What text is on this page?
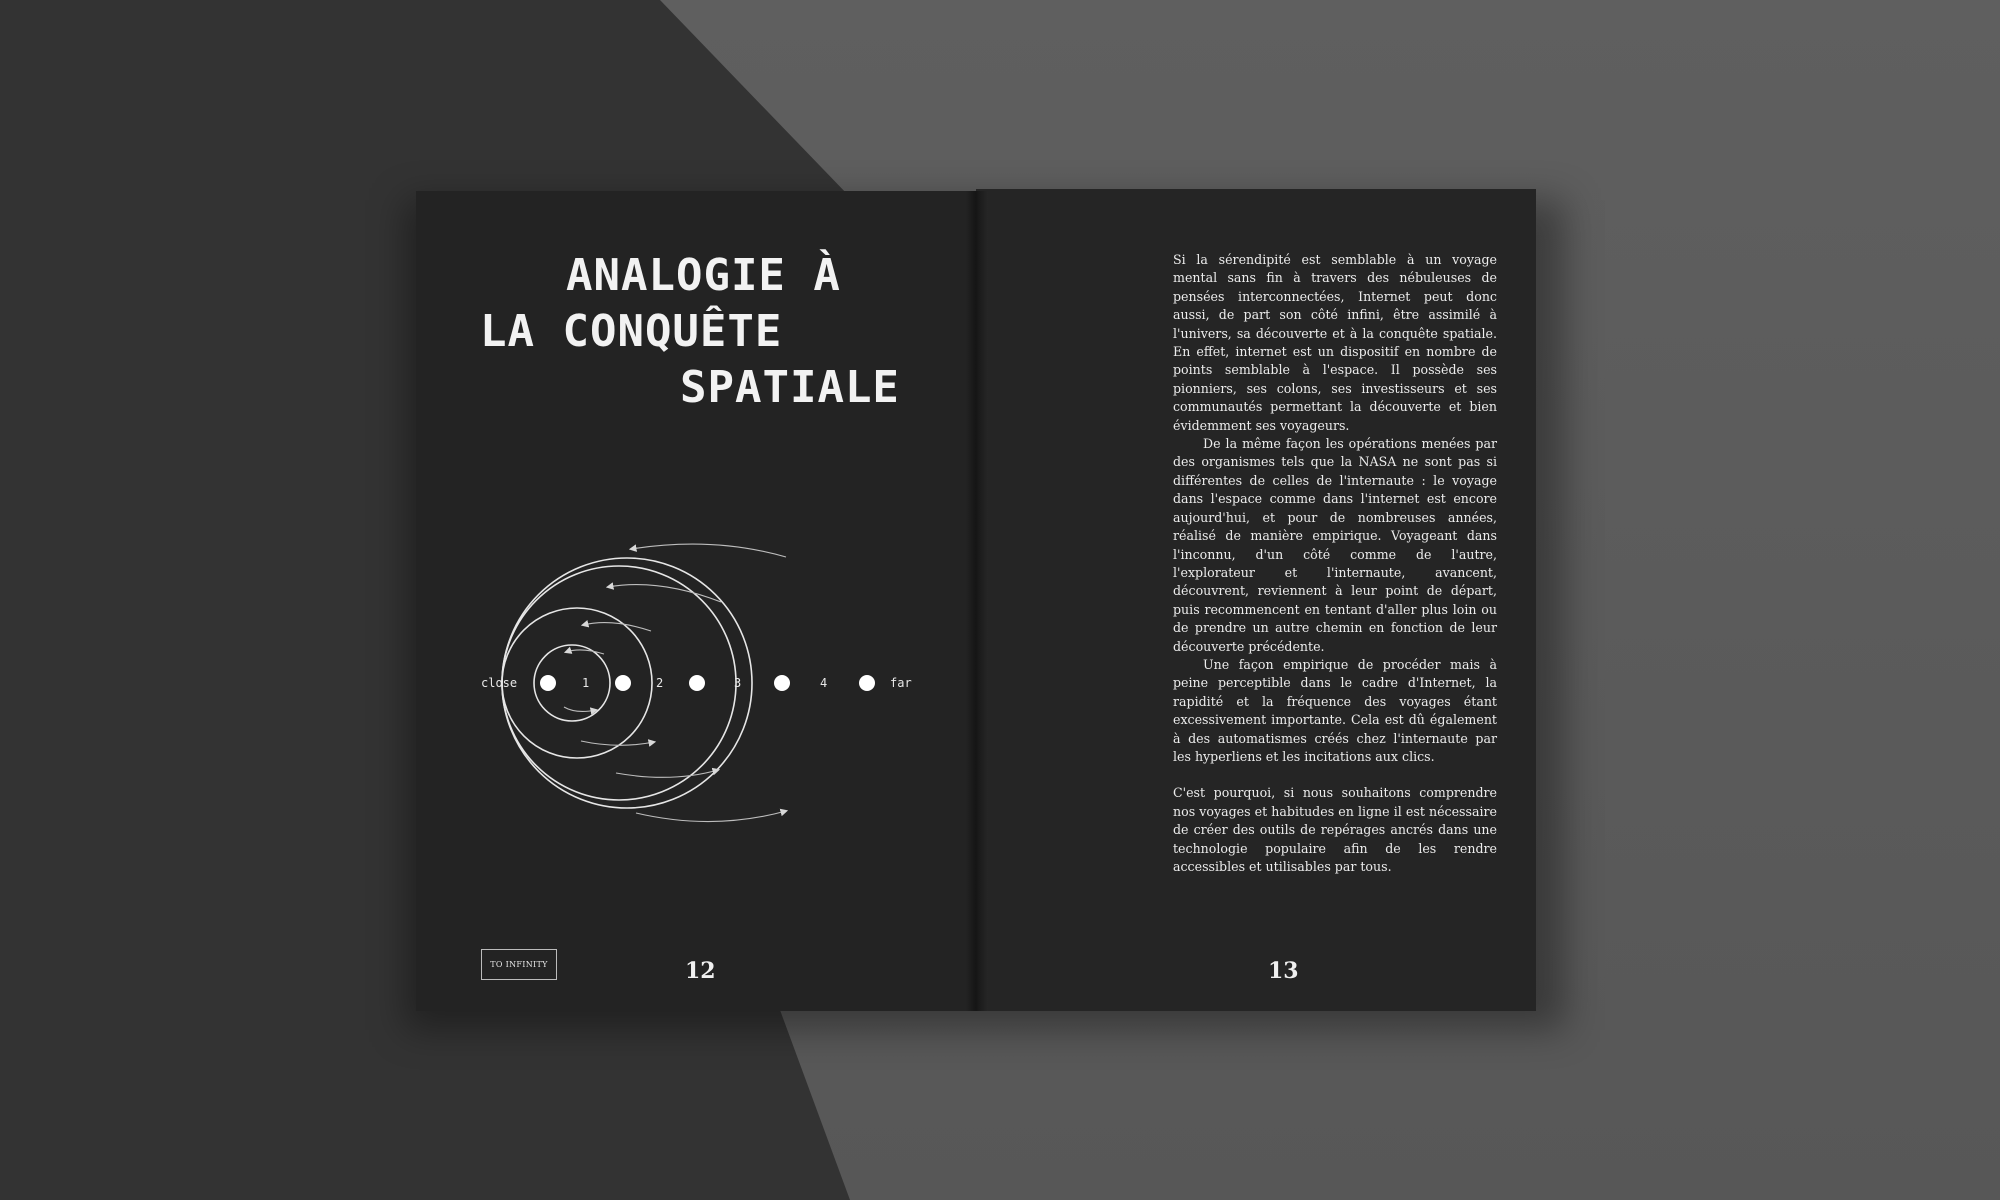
ANALOGIE À
LA CONQUÊTE
SPATIALE
close	1	2	3	4	far
TO INFINITY	12

Si la sérendipité est semblable à un voyage mental sans fin à travers des nébuleuses de pensées interconnectées, Internet peut donc aussi, de part son côté infini, être assimilé à l'univers, sa découverte et à la conquête spatiale. En effet, internet est un dispositif en nombre de points semblable à l'espace. Il possède ses pionniers, ses colons, ses investisseurs et ses communautés permettant la découverte et bien évidemment ses voyageurs.

De la même façon les opérations menées par des organismes tels que la NASA ne sont pas si différentes de celles de l'internaute : le voyage dans l'espace comme dans l'internet est encore aujourd'hui, et pour de nombreuses années, réalisé de manière empirique. Voyageant dans l'inconnu, d'un côté comme de l'autre, l'explorateur et l'internaute, avancent, découvrent, reviennent à leur point de départ, puis recommencent en tentant d'aller plus loin ou de prendre un autre chemin en fonction de leur découverte précédente.

Une façon empirique de procéder mais à peine perceptible dans le cadre d'Internet, la rapidité et la fréquence des voyages étant excessivement importante. Cela est dû également à des automatismes créés chez l'internaute par les hyperliens et les incitations aux clics.

C'est pourquoi, si nous souhaitons comprendre nos voyages et habitudes en ligne il est nécessaire de créer des outils de repérages ancrés dans une technologie populaire afin de les rendre accessibles et utilisables par tous.

13
